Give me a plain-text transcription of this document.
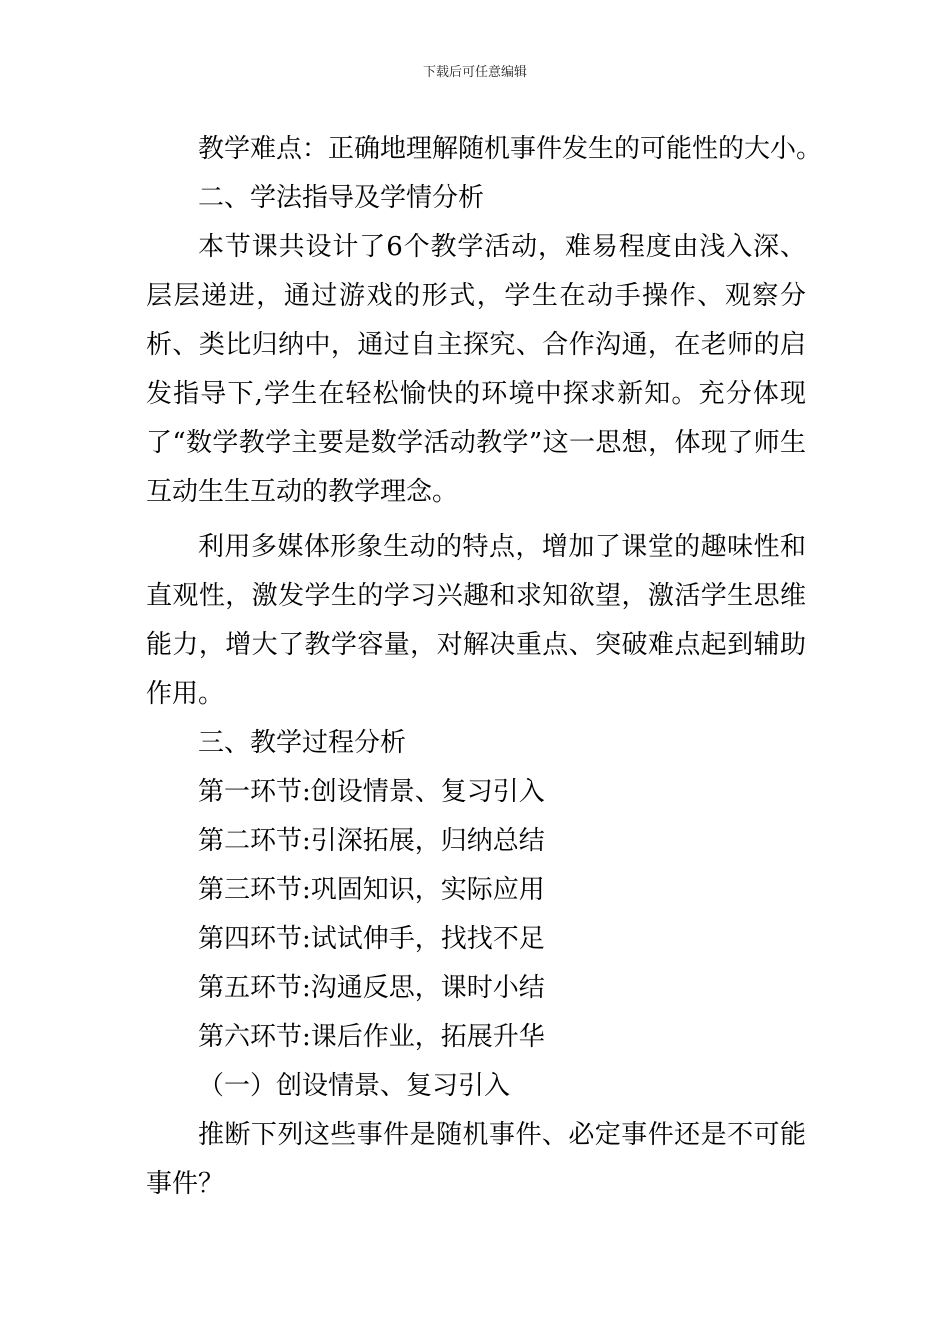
下载后可任意编辑

教学难点：正确地理解随机事件发生的可能性的大小。

二、学法指导及学情分析

本节课共设计了6个教学活动，难易程度由浅入深、层层递进，通过游戏的形式，学生在动手操作、观察分析、类比归纳中，通过自主探究、合作沟通，在老师的启发指导下,学生在轻松愉快的环境中探求新知。充分体现了“数学教学主要是数学活动教学”这一思想，体现了师生互动生生互动的教学理念。

利用多媒体形象生动的特点，增加了课堂的趣味性和直观性，激发学生的学习兴趣和求知欲望，激活学生思维能力，增大了教学容量，对解决重点、突破难点起到辅助作用。

三、教学过程分析

第一环节:创设情景、复习引入

第二环节:引深拓展，归纳总结

第三环节:巩固知识，实际应用

第四环节:试试伸手，找找不足

第五环节:沟通反思，课时小结

第六环节:课后作业，拓展升华

（一）创设情景、复习引入

推断下列这些事件是随机事件、必定事件还是不可能事件？
